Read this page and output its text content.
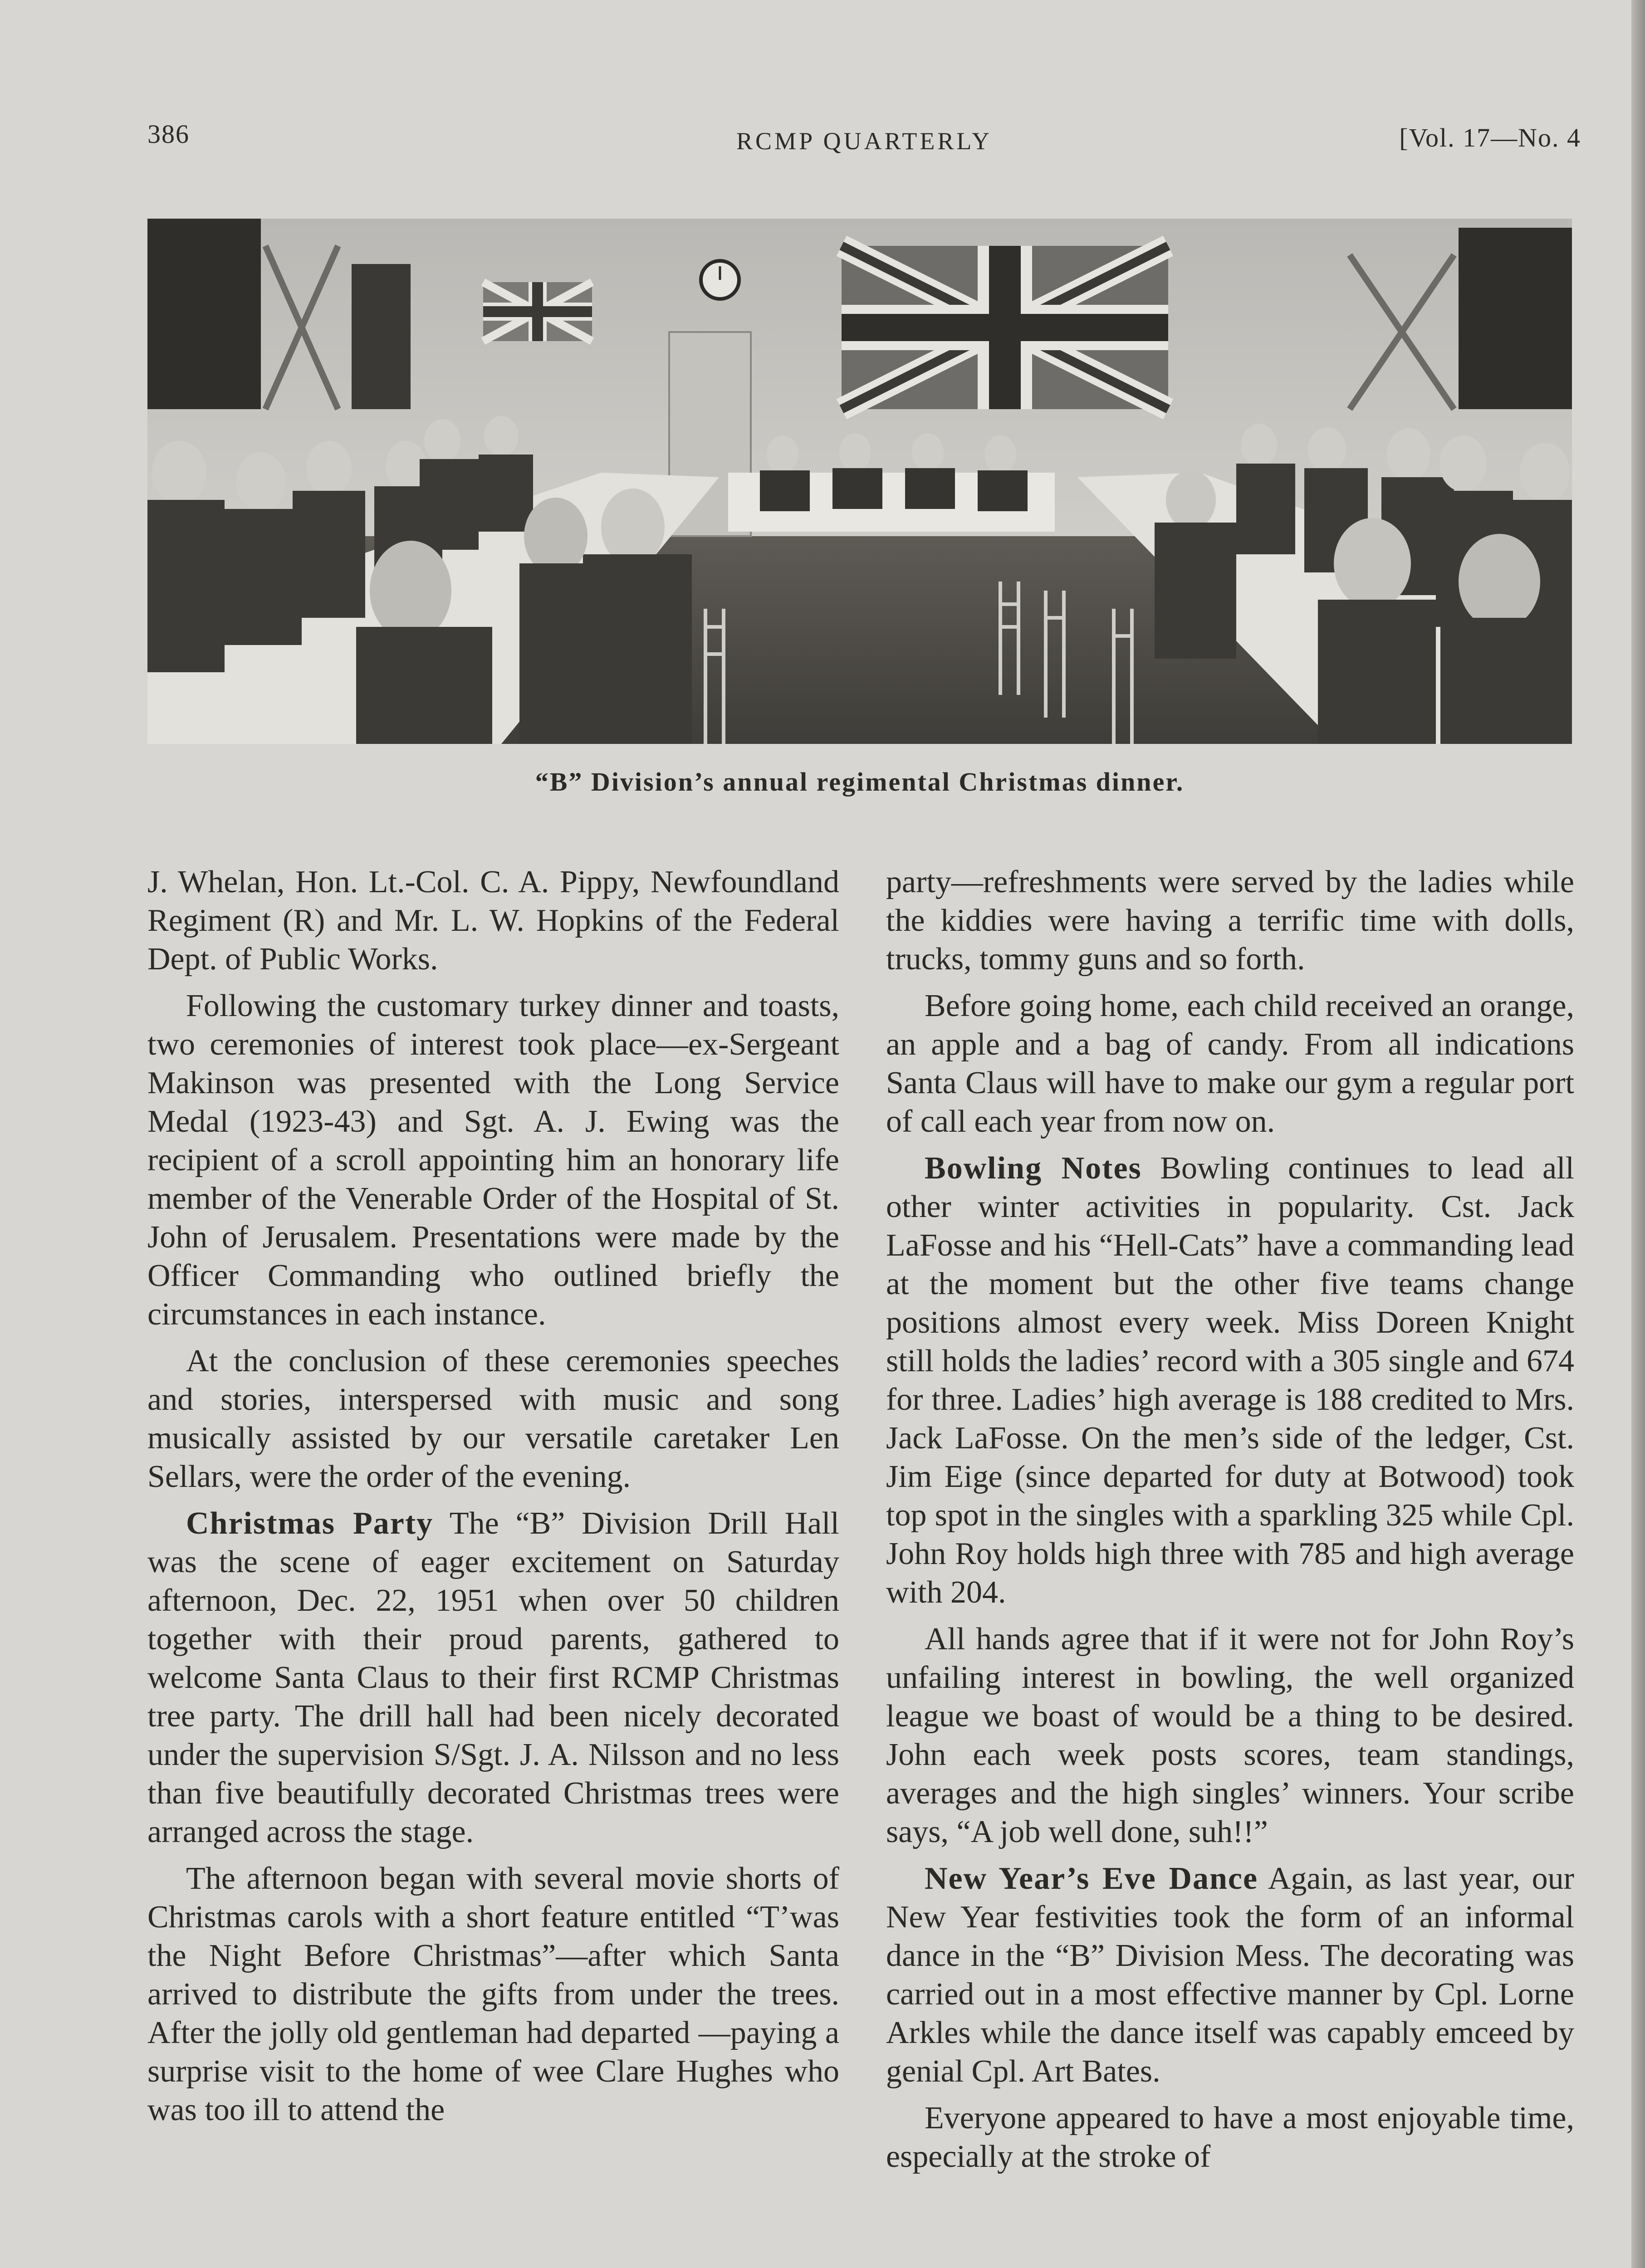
386	RCMP QUARTERLY	[Vol. 17—No. 4
“B” Division’s annual regimental Christmas dinner.

J. Whelan, Hon. Lt.-Col. C. A. Pippy, Newfoundland Regiment (R) and Mr. L. W. Hopkins of the Federal Dept. of Public Works.

Following the customary turkey dinner and toasts, two ceremonies of interest took place—ex-Sergeant Makinson was presented with the Long Service Medal (1923-43) and Sgt. A. J. Ewing was the recipient of a scroll appointing him an honorary life member of the Venerable Order of the Hospital of St. John of Jerusalem. Presentations were made by the Officer Commanding who outlined briefly the circumstances in each instance.

At the conclusion of these ceremonies speeches and stories, interspersed with music and song musically assisted by our versatile caretaker Len Sellars, were the order of the evening.

Christmas Party The “B” Division Drill Hall was the scene of eager excitement on Saturday afternoon, Dec. 22, 1951 when over 50 children together with their proud parents, gathered to welcome Santa Claus to their first RCMP Christmas tree party. The drill hall had been nicely decorated under the supervision S/Sgt. J. A. Nilsson and no less than five beautifully decorated Christmas trees were arranged across the stage.

The afternoon began with several movie shorts of Christmas carols with a short feature entitled “T’was the Night Before Christmas”—after which Santa arrived to distribute the gifts from under the trees. After the jolly old gentleman had departed —paying a surprise visit to the home of wee Clare Hughes who was too ill to attend the

party—refreshments were served by the ladies while the kiddies were having a terrific time with dolls, trucks, tommy guns and so forth.

Before going home, each child received an orange, an apple and a bag of candy. From all indications Santa Claus will have to make our gym a regular port of call each year from now on.

Bowling Notes Bowling continues to lead all other winter activities in popularity. Cst. Jack LaFosse and his “Hell-Cats” have a commanding lead at the moment but the other five teams change positions almost every week. Miss Doreen Knight still holds the ladies’ record with a 305 single and 674 for three. Ladies’ high average is 188 credited to Mrs. Jack LaFosse. On the men’s side of the ledger, Cst. Jim Eige (since departed for duty at Botwood) took top spot in the singles with a sparkling 325 while Cpl. John Roy holds high three with 785 and high average with 204.

All hands agree that if it were not for John Roy’s unfailing interest in bowling, the well organized league we boast of would be a thing to be desired. John each week posts scores, team standings, averages and the high singles’ winners. Your scribe says, “A job well done, suh!!”

New Year’s Eve Dance Again, as last year, our New Year festivities took the form of an informal dance in the “B” Division Mess. The decorating was carried out in a most effective manner by Cpl. Lorne Arkles while the dance itself was capably emceed by genial Cpl. Art Bates.

Everyone appeared to have a most enjoyable time, especially at the stroke of
